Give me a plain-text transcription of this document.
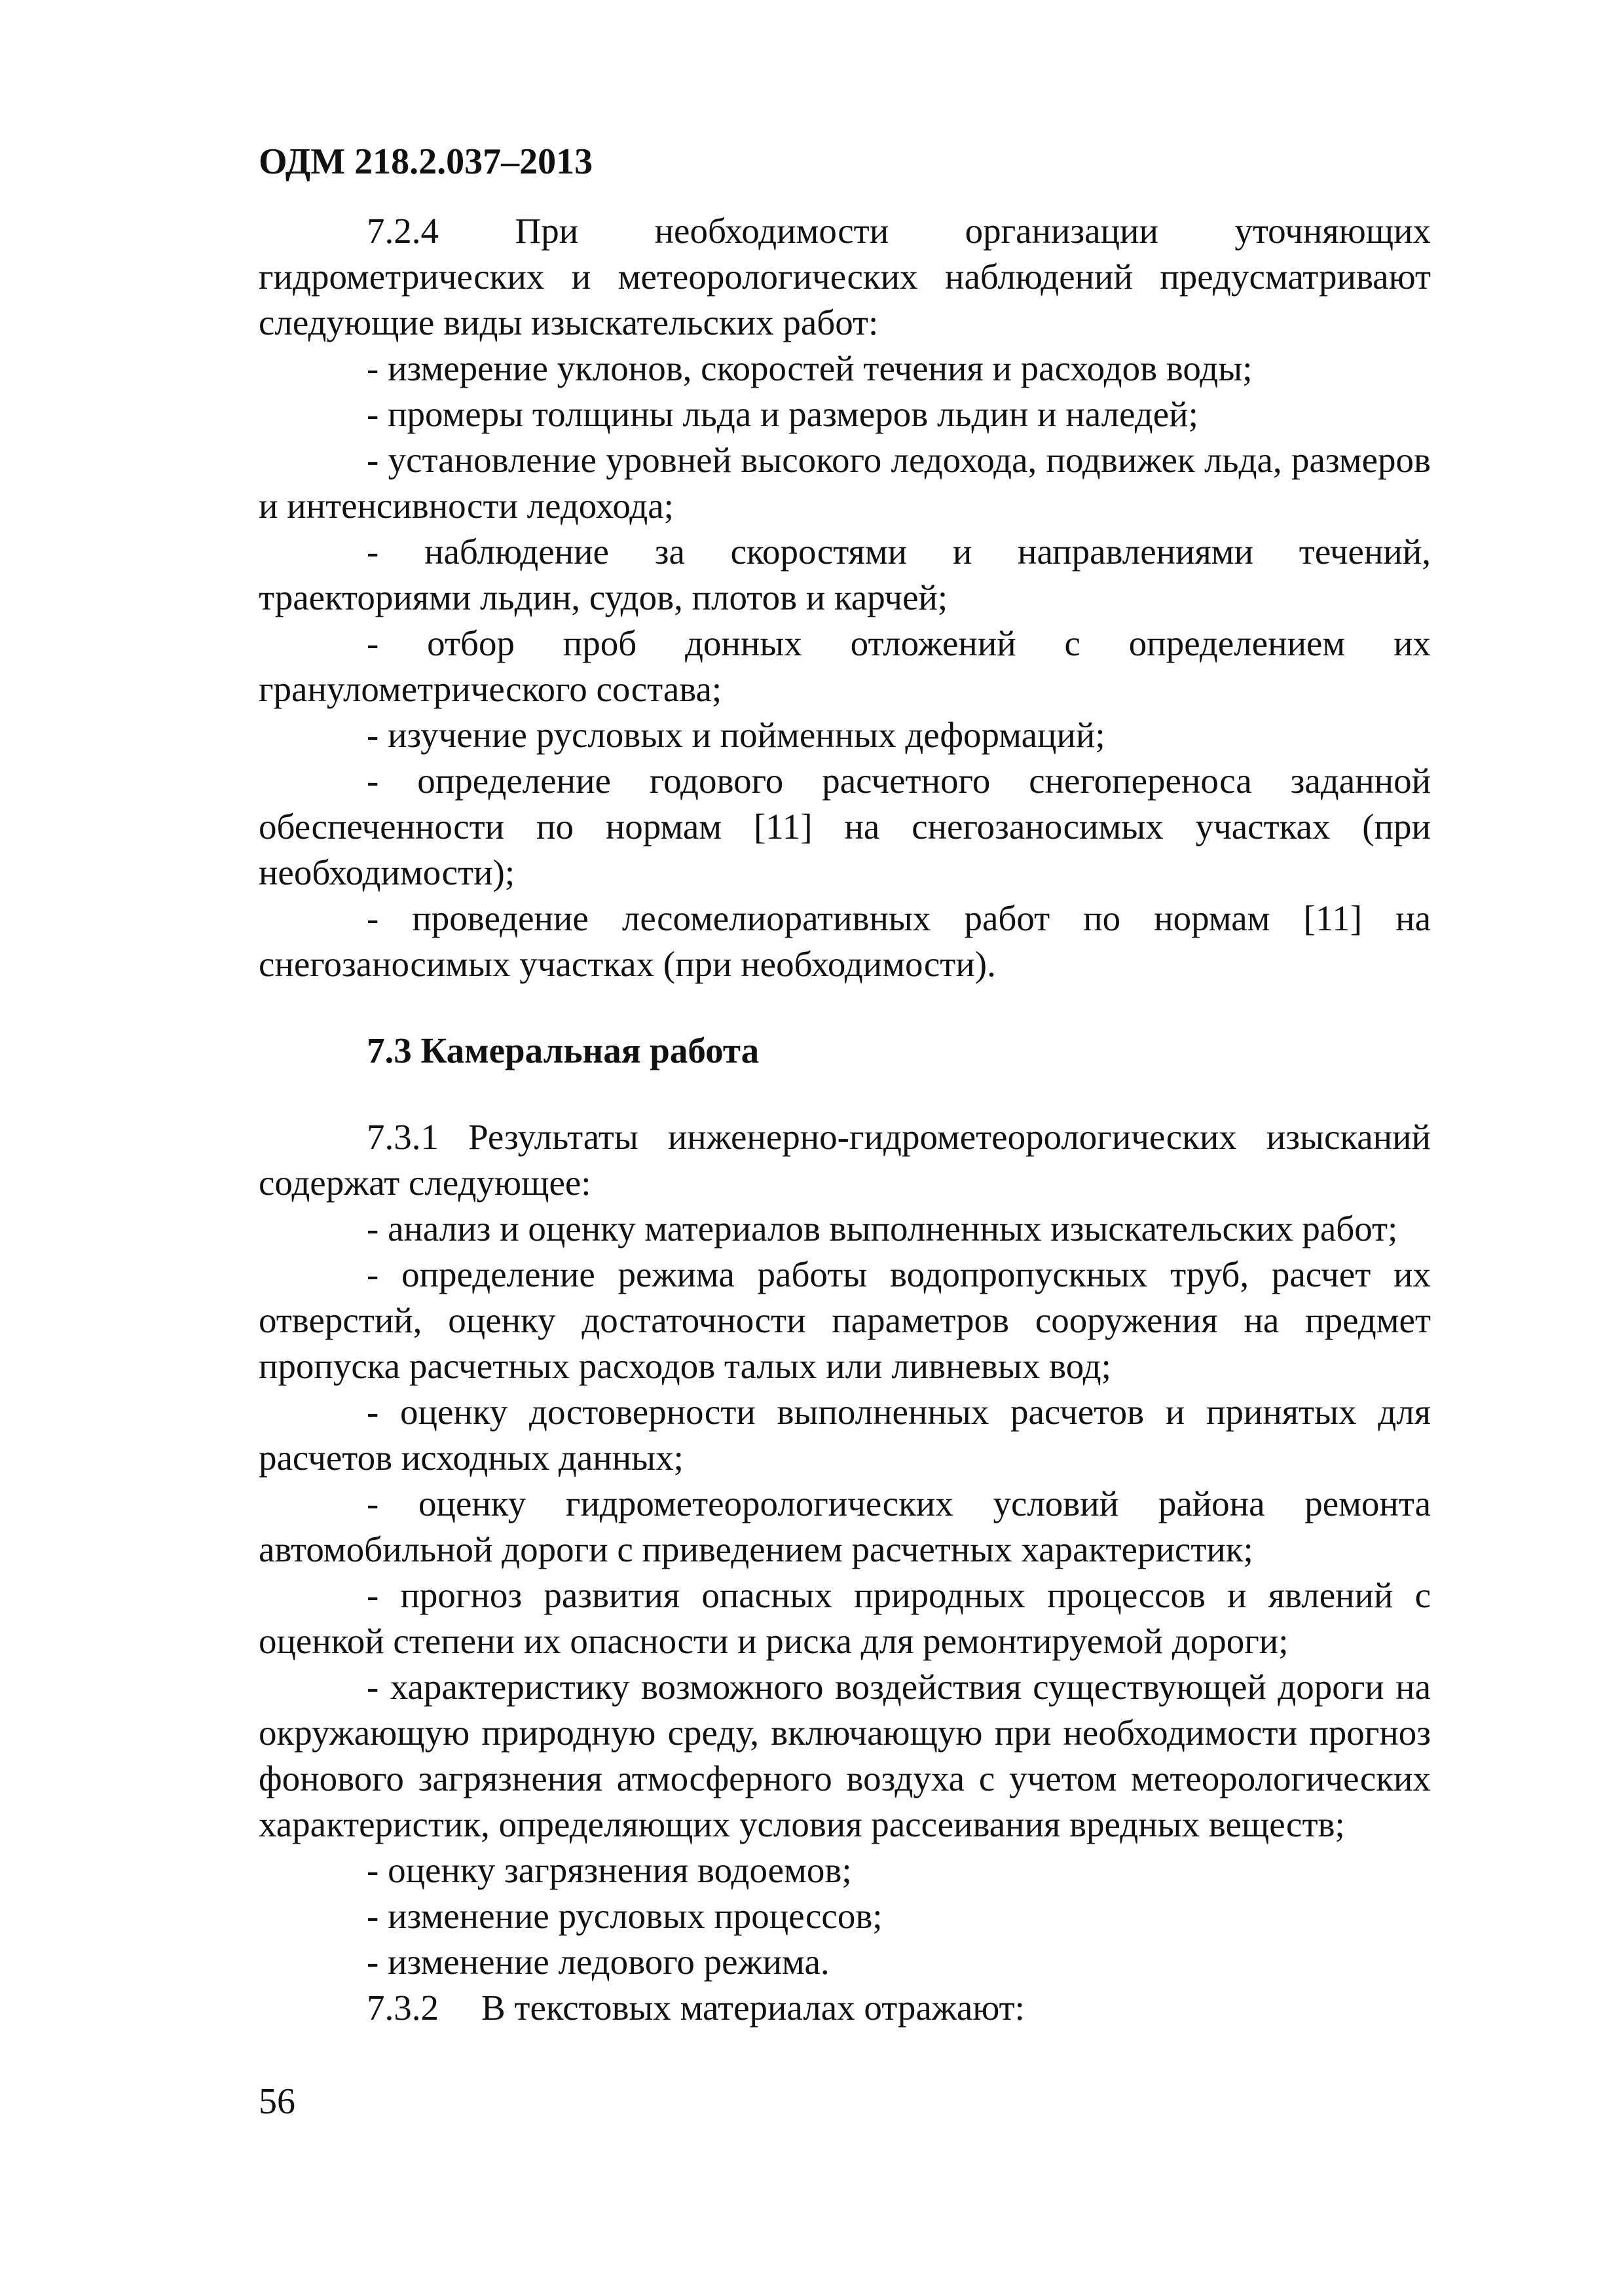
ОДМ 218.2.037–2013

7.2.4 При необходимости организации уточняющих гидрометрических и метеорологических наблюдений предусматривают следующие виды изыскательских работ:

- измерение уклонов, скоростей течения и расходов воды;

- промеры толщины льда и размеров льдин и наледей;

- установление уровней высокого ледохода, подвижек льда, размеров и интенсивности ледохода;

- наблюдение за скоростями и направлениями течений, траекториями льдин, судов, плотов и карчей;

- отбор проб донных отложений с определением их гранулометрического состава;

- изучение русловых и пойменных деформаций;

- определение годового расчетного снегопереноса заданной обеспеченности по нормам [11] на снегозаносимых участках (при необходимости);

- проведение лесомелиоративных работ по нормам [11] на снегозаносимых участках (при необходимости).

7.3 Камеральная работа

7.3.1 Результаты инженерно-гидрометеорологических изысканий содержат следующее:

- анализ и оценку материалов выполненных изыскательских работ;

- определение режима работы водопропускных труб, расчет их отверстий, оценку достаточности параметров сооружения на предмет пропуска расчетных расходов талых или ливневых вод;

- оценку достоверности выполненных расчетов и принятых для расчетов исходных данных;

- оценку гидрометеорологических условий района ремонта автомобильной дороги с приведением расчетных характеристик;

- прогноз развития опасных природных процессов и явлений с оценкой степени их опасности и риска для ремонтируемой дороги;

- характеристику возможного воздействия существующей дороги на окружающую природную среду, включающую при необходимости прогноз фонового загрязнения атмосферного воздуха с учетом метеорологических характеристик, определяющих условия рассеивания вредных веществ;

- оценку загрязнения водоемов;

- изменение русловых процессов;

- изменение ледового режима.

7.3.2 В текстовых материалах отражают:

56
